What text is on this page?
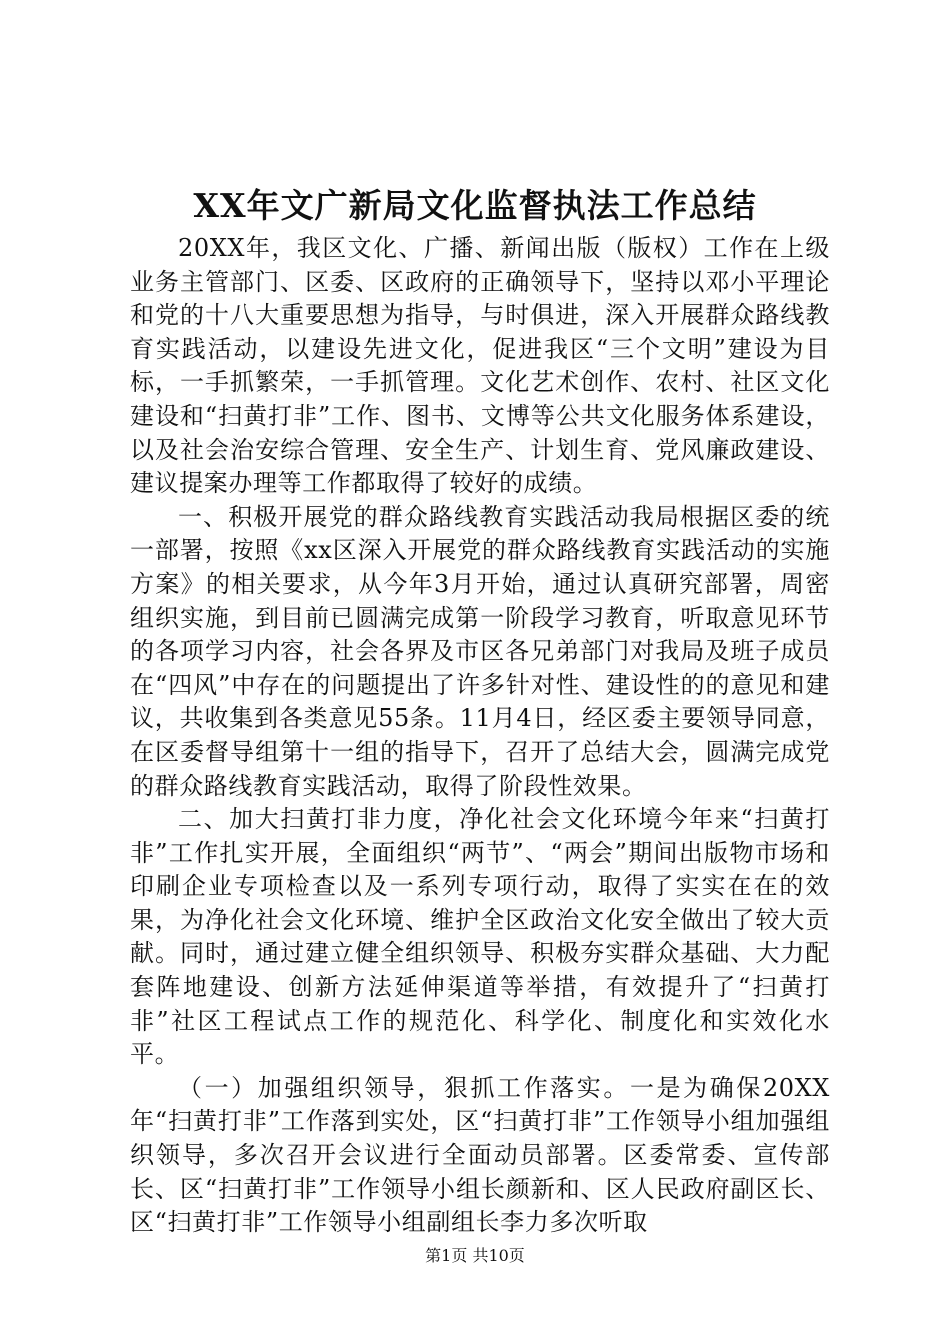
XX年文广新局文化监督执法工作总结

20XX年，我区文化、广播、新闻出版（版权）工作在上级业务主管部门、区委、区政府的正确领导下，坚持以邓小平理论和党的十八大重要思想为指导，与时俱进，深入开展群众路线教育实践活动，以建设先进文化，促进我区“三个文明”建设为目标，一手抓繁荣，一手抓管理。文化艺术创作、农村、社区文化建设和“扫黄打非”工作、图书、文博等公共文化服务体系建设，以及社会治安综合管理、安全生产、计划生育、党风廉政建设、建议提案办理等工作都取得了较好的成绩。

一、积极开展党的群众路线教育实践活动我局根据区委的统一部署，按照《xx区深入开展党的群众路线教育实践活动的实施方案》的相关要求，从今年3月开始，通过认真研究部署，周密组织实施，到目前已圆满完成第一阶段学习教育，听取意见环节的各项学习内容，社会各界及市区各兄弟部门对我局及班子成员在“四风”中存在的问题提出了许多针对性、建设性的的意见和建议，共收集到各类意见55条。11月4日，经区委主要领导同意，在区委督导组第十一组的指导下，召开了总结大会，圆满完成党的群众路线教育实践活动，取得了阶段性效果。

二、加大扫黄打非力度，净化社会文化环境今年来“扫黄打非”工作扎实开展，全面组织“两节”、“两会”期间出版物市场和印刷企业专项检查以及一系列专项行动，取得了实实在在的效果，为净化社会文化环境、维护全区政治文化安全做出了较大贡献。同时，通过建立健全组织领导、积极夯实群众基础、大力配套阵地建设、创新方法延伸渠道等举措，有效提升了“扫黄打非”社区工程试点工作的规范化、科学化、制度化和实效化水平。

（一）加强组织领导，狠抓工作落实。一是为确保20XX年“扫黄打非”工作落到实处，区“扫黄打非”工作领导小组加强组织领导，多次召开会议进行全面动员部署。区委常委、宣传部长、区“扫黄打非”工作领导小组长颜新和、区人民政府副区长、区“扫黄打非”工作领导小组副组长李力多次听取

第1页 共10页
